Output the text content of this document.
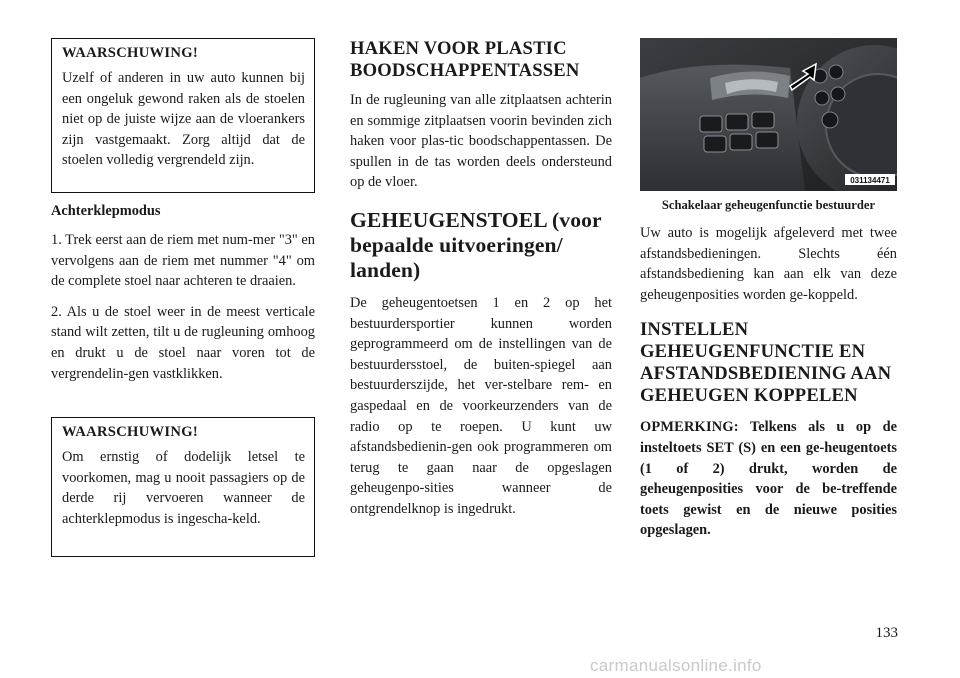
WAARSCHUWING!

Uzelf of anderen in uw auto kunnen bij een ongeluk gewond raken als de stoelen niet op de juiste wijze aan de vloerankers zijn vastgemaakt. Zorg altijd dat de stoelen volledig vergrendeld zijn.

Achterklepmodus

1. Trek eerst aan de riem met num-mer "3" en vervolgens aan de riem met nummer "4" om de complete stoel naar achteren te draaien.

2. Als u de stoel weer in de meest verticale stand wilt zetten, tilt u de rugleuning omhoog en drukt u de stoel naar voren tot de vergrendelin-gen vastklikken.

WAARSCHUWING!

Om ernstig of dodelijk letsel te voorkomen, mag u nooit passagiers op de derde rij vervoeren wanneer de achterklepmodus is ingescha-keld.

HAKEN VOOR PLASTIC BOODSCHAPPENTASSEN

In de rugleuning van alle zitplaatsen achterin en sommige zitplaatsen voorin bevinden zich haken voor plas-tic boodschappentassen. De spullen in de tas worden deels ondersteund op de vloer.

GEHEUGENSTOEL (voor bepaalde uitvoeringen/ landen)

De geheugentoetsen 1 en 2 op het bestuurdersportier kunnen worden geprogrammeerd om de instellingen van de bestuurdersstoel, de buiten-spiegel aan bestuurderszijde, het ver-stelbare rem- en gaspedaal en de voorkeurzenders van de radio op te roepen. U kunt uw afstandsbedienin-gen ook programmeren om terug te gaan naar de opgeslagen geheugenpo-sities wanneer de ontgrendelknop is ingedrukt.

031134471
Schakelaar geheugenfunctie bestuurder

Uw auto is mogelijk afgeleverd met twee afstandsbedieningen. Slechts één afstandsbediening kan aan elk van deze geheugenposities worden ge-koppeld.

INSTELLEN GEHEUGENFUNCTIE EN AFSTANDSBEDIENING AAN GEHEUGEN KOPPELEN

OPMERKING: Telkens als u op de insteltoets SET (S) en een ge-heugentoets (1 of 2) drukt, worden de geheugenposities voor de be-treffende toets gewist en de nieuwe posities opgeslagen.

133
carmanualsonline.info
